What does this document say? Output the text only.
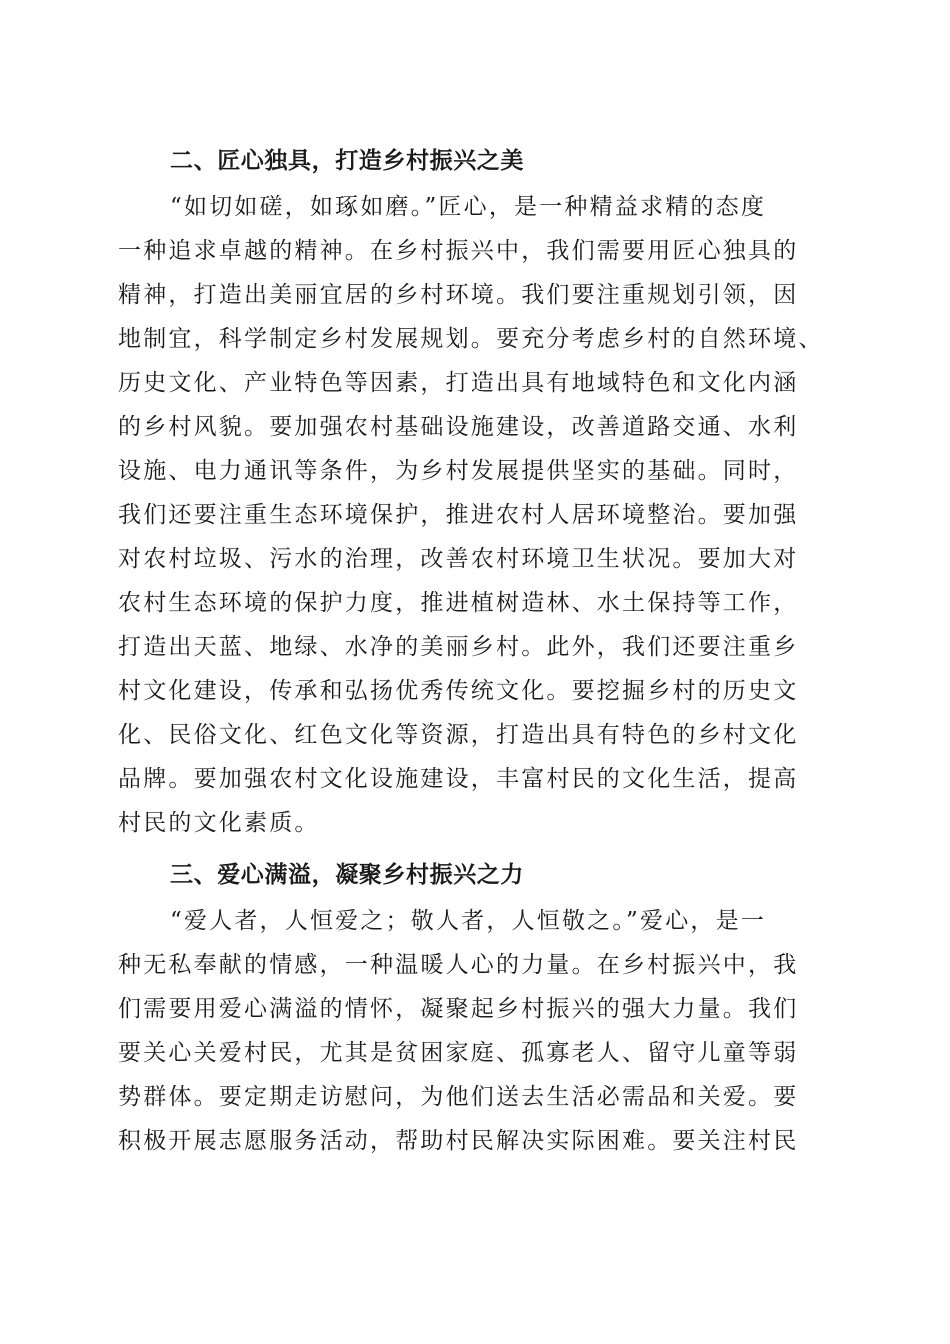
二、匠心独具，打造乡村振兴之美
“如切如磋，如琢如磨。”匠心，是一种精益求精的态度
一种追求卓越的精神。在乡村振兴中，我们需要用匠心独具的
精神，打造出美丽宜居的乡村环境。我们要注重规划引领，因
地制宜，科学制定乡村发展规划。要充分考虑乡村的自然环境、
历史文化、产业特色等因素，打造出具有地域特色和文化内涵
的乡村风貌。要加强农村基础设施建设，改善道路交通、水利
设施、电力通讯等条件，为乡村发展提供坚实的基础。同时，
我们还要注重生态环境保护，推进农村人居环境整治。要加强
对农村垃圾、污水的治理，改善农村环境卫生状况。要加大对
农村生态环境的保护力度，推进植树造林、水土保持等工作，
打造出天蓝、地绿、水净的美丽乡村。此外，我们还要注重乡
村文化建设，传承和弘扬优秀传统文化。要挖掘乡村的历史文
化、民俗文化、红色文化等资源，打造出具有特色的乡村文化
品牌。要加强农村文化设施建设，丰富村民的文化生活，提高
村民的文化素质。
三、爱心满溢，凝聚乡村振兴之力
“爱人者，人恒爱之；敬人者，人恒敬之。”爱心，是一
种无私奉献的情感，一种温暖人心的力量。在乡村振兴中，我
们需要用爱心满溢的情怀，凝聚起乡村振兴的强大力量。我们
要关心关爱村民，尤其是贫困家庭、孤寡老人、留守儿童等弱
势群体。要定期走访慰问，为他们送去生活必需品和关爱。要
积极开展志愿服务活动，帮助村民解决实际困难。要关注村民
